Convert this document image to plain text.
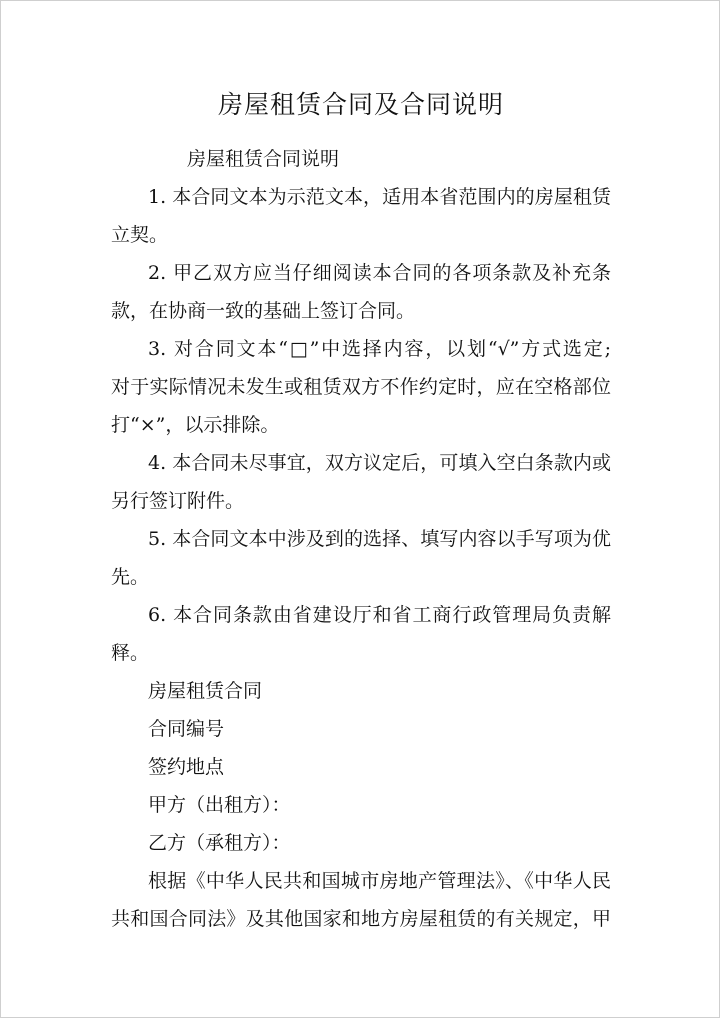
房屋租赁合同及合同说明
房屋租赁合同说明
1. 本合同文本为示范文本，适用本省范围内的房屋租赁
立契。
2. 甲乙双方应当仔细阅读本合同的各项条款及补充条
款，在协商一致的基础上签订合同。
3. 对合同文本“□”中选择内容，以划“√”方式选定;
对于实际情况未发生或租赁双方不作约定时，应在空格部位
打“×”，以示排除。
4. 本合同未尽事宜，双方议定后，可填入空白条款内或
另行签订附件。
5. 本合同文本中涉及到的选择、填写内容以手写项为优
先。
6. 本合同条款由省建设厅和省工商行政管理局负责解
释。
房屋租赁合同
合同编号
签约地点
甲方（出租方）：
乙方（承租方）：
根据《中华人民共和国城市房地产管理法》、《中华人民
共和国合同法》及其他国家和地方房屋租赁的有关规定，甲
